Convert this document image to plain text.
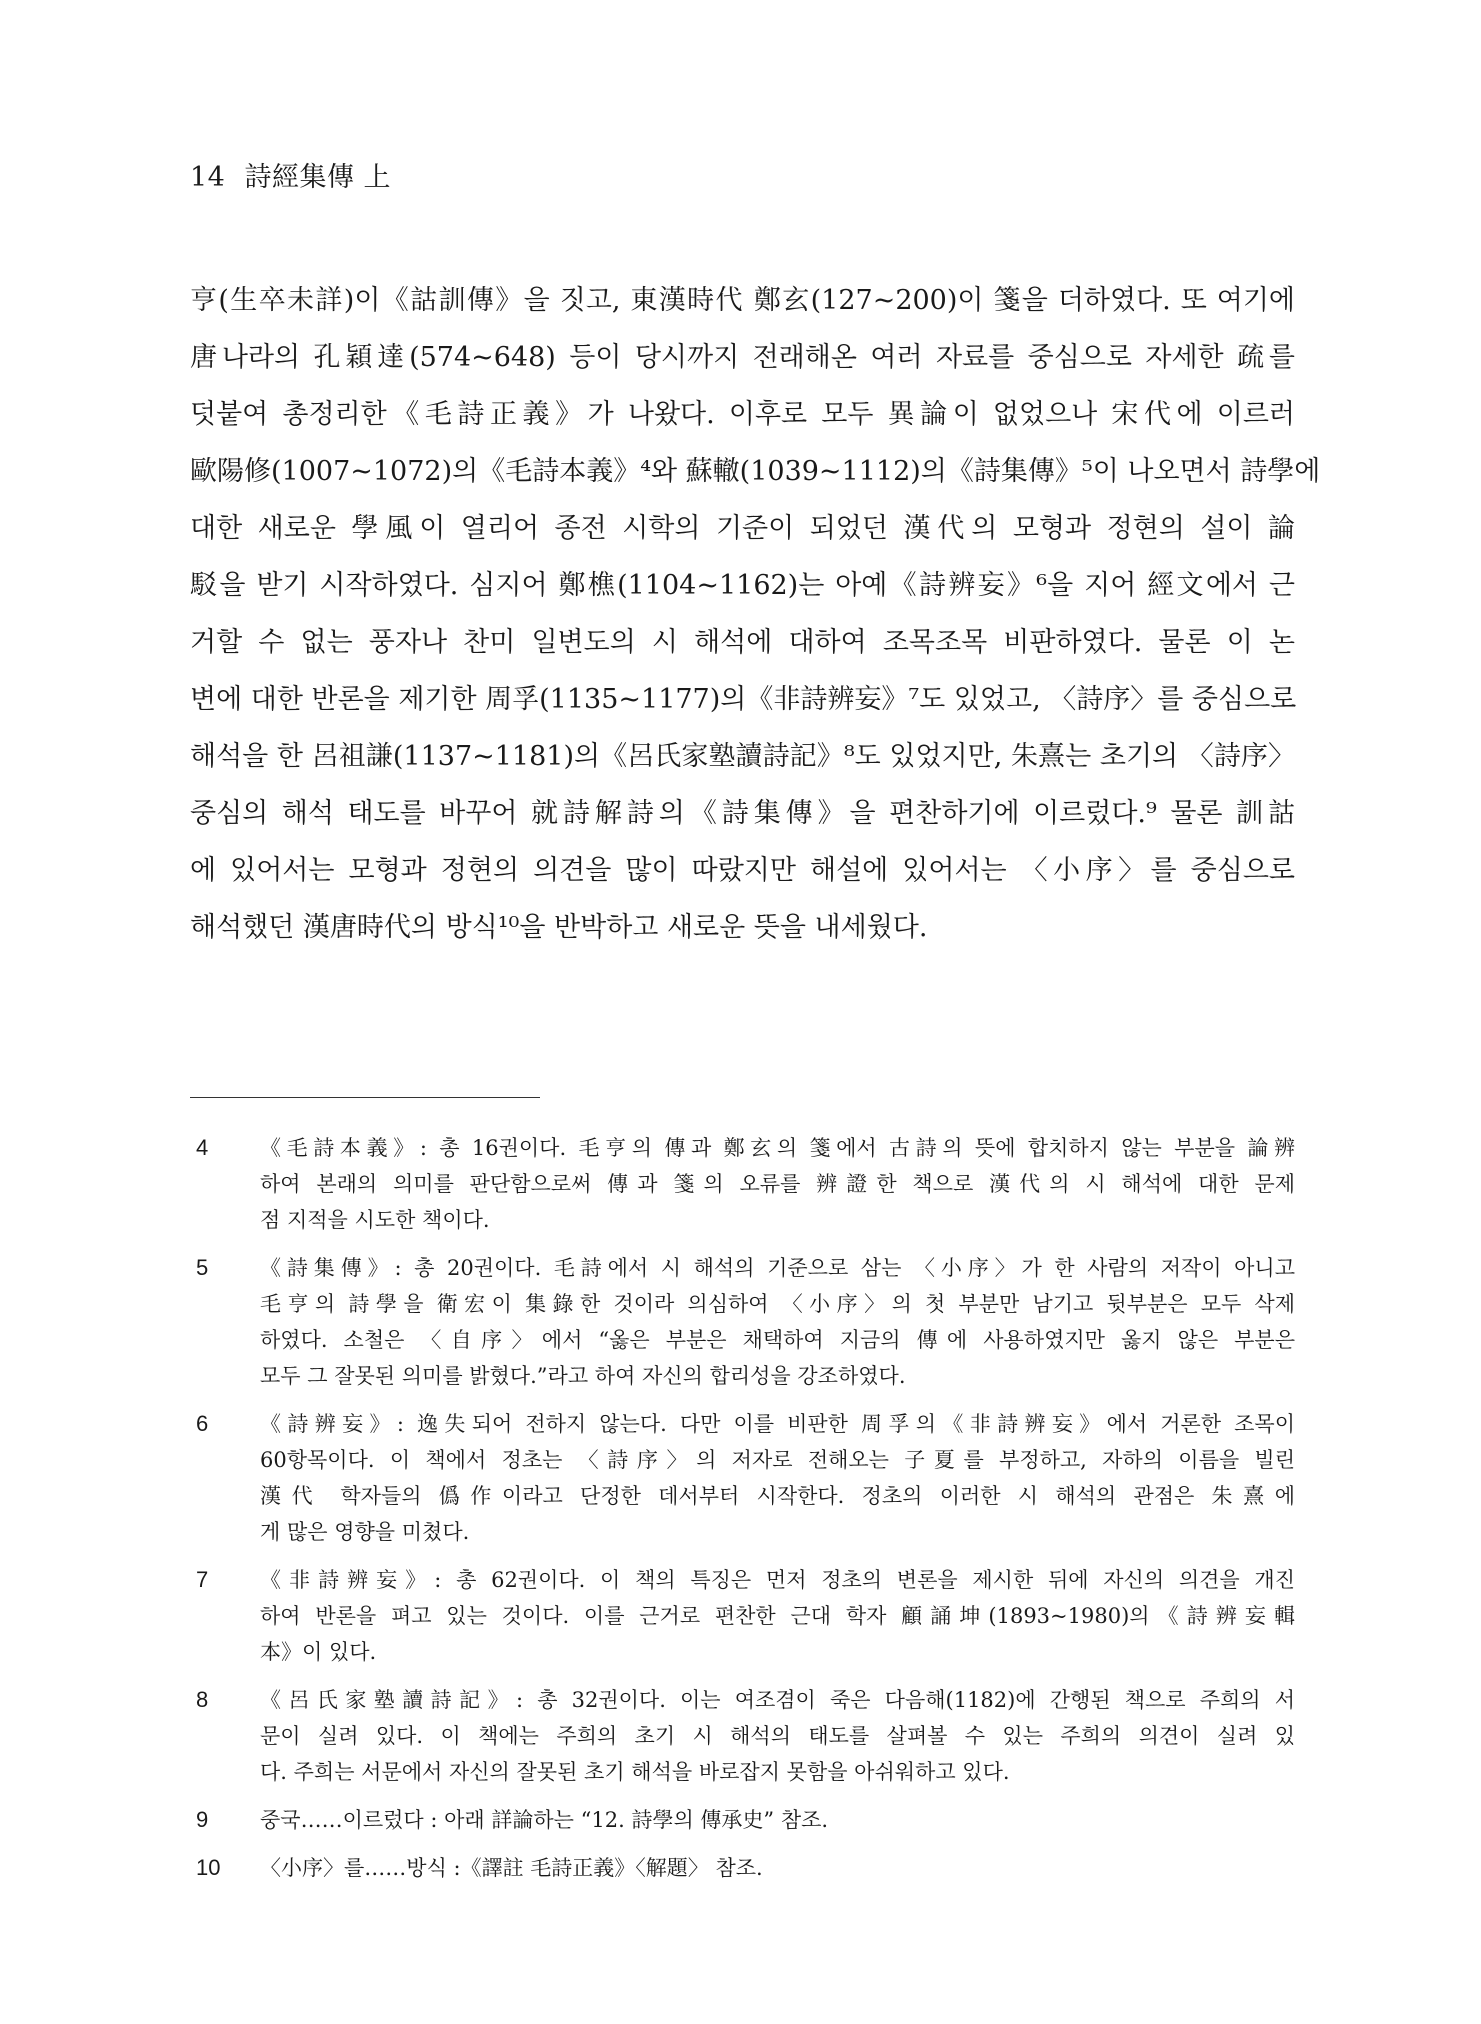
14 詩經集傳 上
亨(生卒未詳)이《詁訓傳》을 짓고, 東漢時代 鄭玄(127~200)이 箋을 더하였다. 또 여기에
唐나라의 孔穎達(574~648) 등이 당시까지 전래해온 여러 자료를 중심으로 자세한 疏를
덧붙여 총정리한《毛詩正義》가 나왔다. 이후로 모두 異論이 없었으나 宋代에 이르러
歐陽修(1007~1072)의《毛詩本義》⁴와 蘇轍(1039~1112)의《詩集傳》⁵이 나오면서 詩學에
대한 새로운 學風이 열리어 종전 시학의 기준이 되었던 漢代의 모형과 정현의 설이 論
駁을 받기 시작하였다. 심지어 鄭樵(1104~1162)는 아예《詩辨妄》⁶을 지어 經文에서 근
거할 수 없는 풍자나 찬미 일변도의 시 해석에 대하여 조목조목 비판하였다. 물론 이 논
변에 대한 반론을 제기한 周孚(1135~1177)의《非詩辨妄》⁷도 있었고, 〈詩序〉를 중심으로
해석을 한 呂祖謙(1137~1181)의《呂氏家塾讀詩記》⁸도 있었지만, 朱熹는 초기의 〈詩序〉
중심의 해석 태도를 바꾸어 就詩解詩의《詩集傳》을 편찬하기에 이르렀다.⁹ 물론 訓詁
에 있어서는 모형과 정현의 의견을 많이 따랐지만 해설에 있어서는 〈小序〉를 중심으로
해석했던 漢唐時代의 방식¹⁰을 반박하고 새로운 뜻을 내세웠다.
4 《毛詩本義》: 총 16권이다. 毛亨의 傳과 鄭玄의 箋에서 古詩의 뜻에 합치하지 않는 부분을 論辨
하여 본래의 의미를 판단함으로써 傳과 箋의 오류를 辨證한 책으로 漢代의 시 해석에 대한 문제
점 지적을 시도한 책이다.
5 《詩集傳》: 총 20권이다. 毛詩에서 시 해석의 기준으로 삼는 〈小序〉가 한 사람의 저작이 아니고
毛亨의 詩學을 衛宏이 集錄한 것이라 의심하여 〈小序〉의 첫 부분만 남기고 뒷부분은 모두 삭제
하였다. 소철은 〈自序〉에서 “옳은 부분은 채택하여 지금의 傳에 사용하였지만 옳지 않은 부분은
모두 그 잘못된 의미를 밝혔다.”라고 하여 자신의 합리성을 강조하였다.
6 《詩辨妄》: 逸失되어 전하지 않는다. 다만 이를 비판한 周孚의《非詩辨妄》에서 거론한 조목이
60항목이다. 이 책에서 정초는 〈詩序〉의 저자로 전해오는 子夏를 부정하고, 자하의 이름을 빌린
漢代 학자들의 僞作이라고 단정한 데서부터 시작한다. 정초의 이러한 시 해석의 관점은 朱熹에
게 많은 영향을 미쳤다.
7 《非詩辨妄》: 총 62권이다. 이 책의 특징은 먼저 정초의 변론을 제시한 뒤에 자신의 의견을 개진
하여 반론을 펴고 있는 것이다. 이를 근거로 편찬한 근대 학자 顧誦坤(1893~1980)의《詩辨妄輯
本》이 있다.
8 《呂氏家塾讀詩記》: 총 32권이다. 이는 여조겸이 죽은 다음해(1182)에 간행된 책으로 주희의 서
문이 실려 있다. 이 책에는 주희의 초기 시 해석의 태도를 살펴볼 수 있는 주희의 의견이 실려 있
다. 주희는 서문에서 자신의 잘못된 초기 해석을 바로잡지 못함을 아쉬워하고 있다.
9 중국……이르렀다 : 아래 詳論하는 “12. 詩學의 傳承史” 참조.
10 〈小序〉를……방식 :《譯註 毛詩正義》〈解題〉 참조.
